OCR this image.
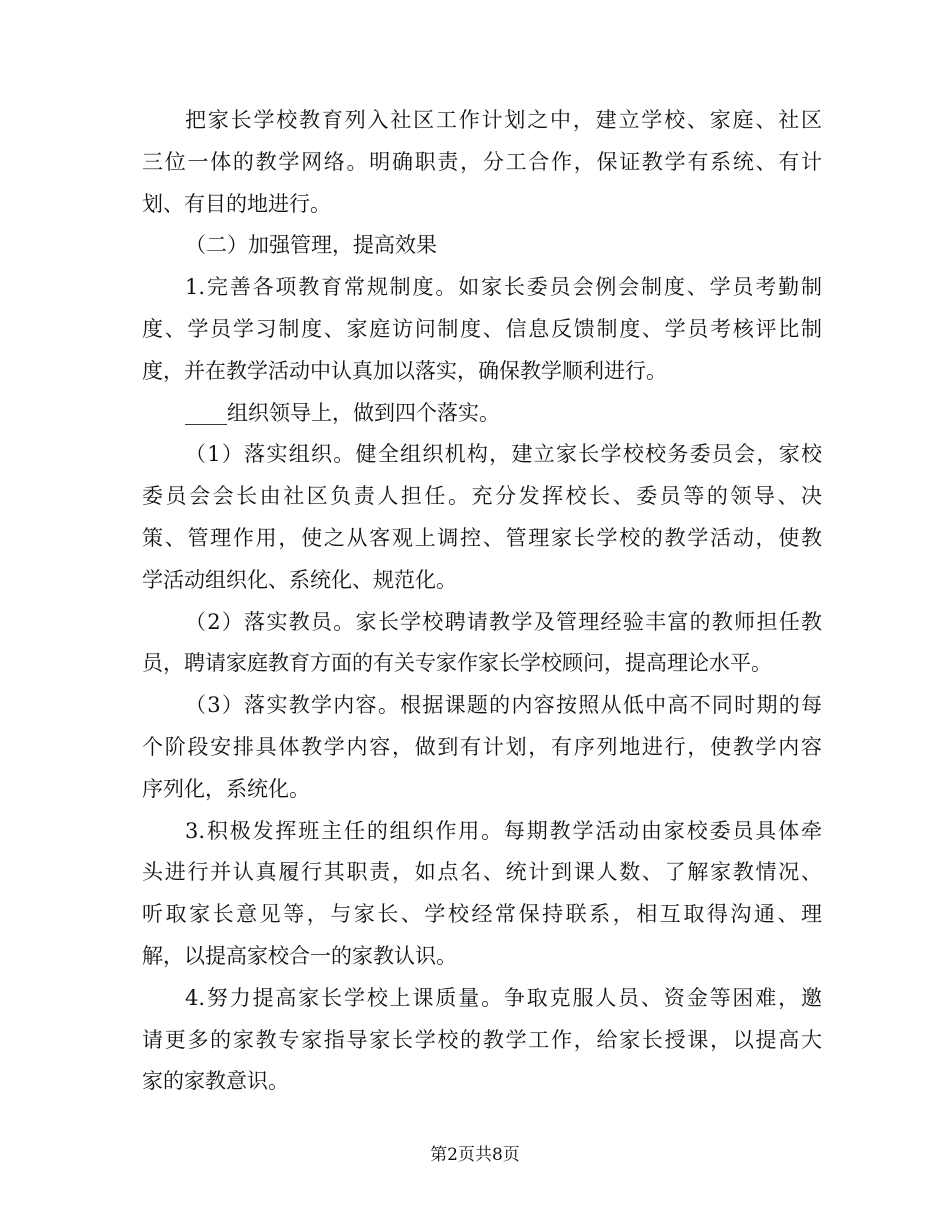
把家长学校教育列入社区工作计划之中，建立学校、家庭、社区
三位一体的教学网络。明确职责，分工合作，保证教学有系统、有计
划、有目的地进行。
（二）加强管理，提高效果
1.完善各项教育常规制度。如家长委员会例会制度、学员考勤制
度、学员学习制度、家庭访问制度、信息反馈制度、学员考核评比制
度，并在教学活动中认真加以落实，确保教学顺利进行。
____组织领导上，做到四个落实。
（1）落实组织。健全组织机构，建立家长学校校务委员会，家校
委员会会长由社区负责人担任。充分发挥校长、委员等的领导、决
策、管理作用，使之从客观上调控、管理家长学校的教学活动，使教
学活动组织化、系统化、规范化。
（2）落实教员。家长学校聘请教学及管理经验丰富的教师担任教
员，聘请家庭教育方面的有关专家作家长学校顾问，提高理论水平。
（3）落实教学内容。根据课题的内容按照从低中高不同时期的每
个阶段安排具体教学内容，做到有计划，有序列地进行，使教学内容
序列化，系统化。
3.积极发挥班主任的组织作用。每期教学活动由家校委员具体牵
头进行并认真履行其职责，如点名、统计到课人数、了解家教情况、
听取家长意见等，与家长、学校经常保持联系，相互取得沟通、理
解，以提高家校合一的家教认识。
4.努力提高家长学校上课质量。争取克服人员、资金等困难，邀
请更多的家教专家指导家长学校的教学工作，给家长授课，以提高大
家的家教意识。
第2页共8页
